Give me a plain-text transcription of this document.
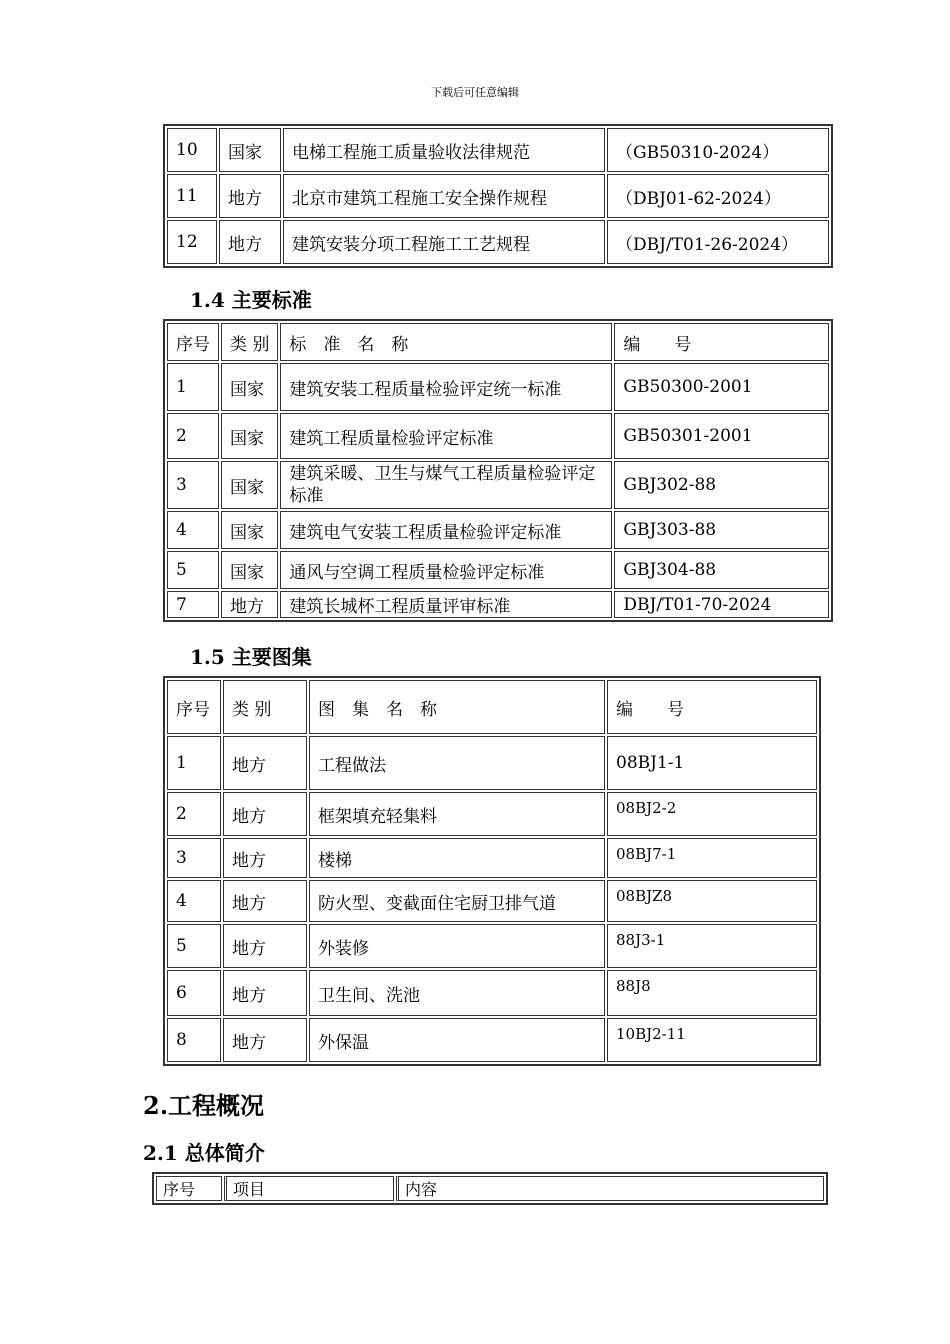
下载后可任意编辑
10	国家	电梯工程施工质量验收法律规范	（GB50310-2024）
11	地方	北京市建筑工程施工安全操作规程	（DBJ01-62-2024）
12	地方	建筑安装分项工程施工工艺规程	（DBJ/T01-26-2024）
1.4 主要标准
序号	类 别	标　准　名　称	编　　号
1	国家	建筑安装工程质量检验评定统一标准	GB50300-2001
2	国家	建筑工程质量检验评定标准	GB50301-2001
3	国家	建筑采暖、卫生与煤气工程质量检验评定标准	GBJ302-88
4	国家	建筑电气安装工程质量检验评定标准	GBJ303-88
5	国家	通风与空调工程质量检验评定标准	GBJ304-88
7	地方	建筑长城杯工程质量评审标准	DBJ/T01-70-2024
1.5 主要图集
序号	类 别	图　集　名　称	编　　号
1	地方	工程做法	08BJ1-1
2	地方	框架填充轻集料	08BJ2-2
3	地方	楼梯	08BJ7-1
4	地方	防火型、变截面住宅厨卫排气道	08BJZ8
5	地方	外装修	88J3-1
6	地方	卫生间、洗池	88J8
8	地方	外保温	10BJ2-11
2.工程概况
2.1 总体简介
序号	项目	内容
